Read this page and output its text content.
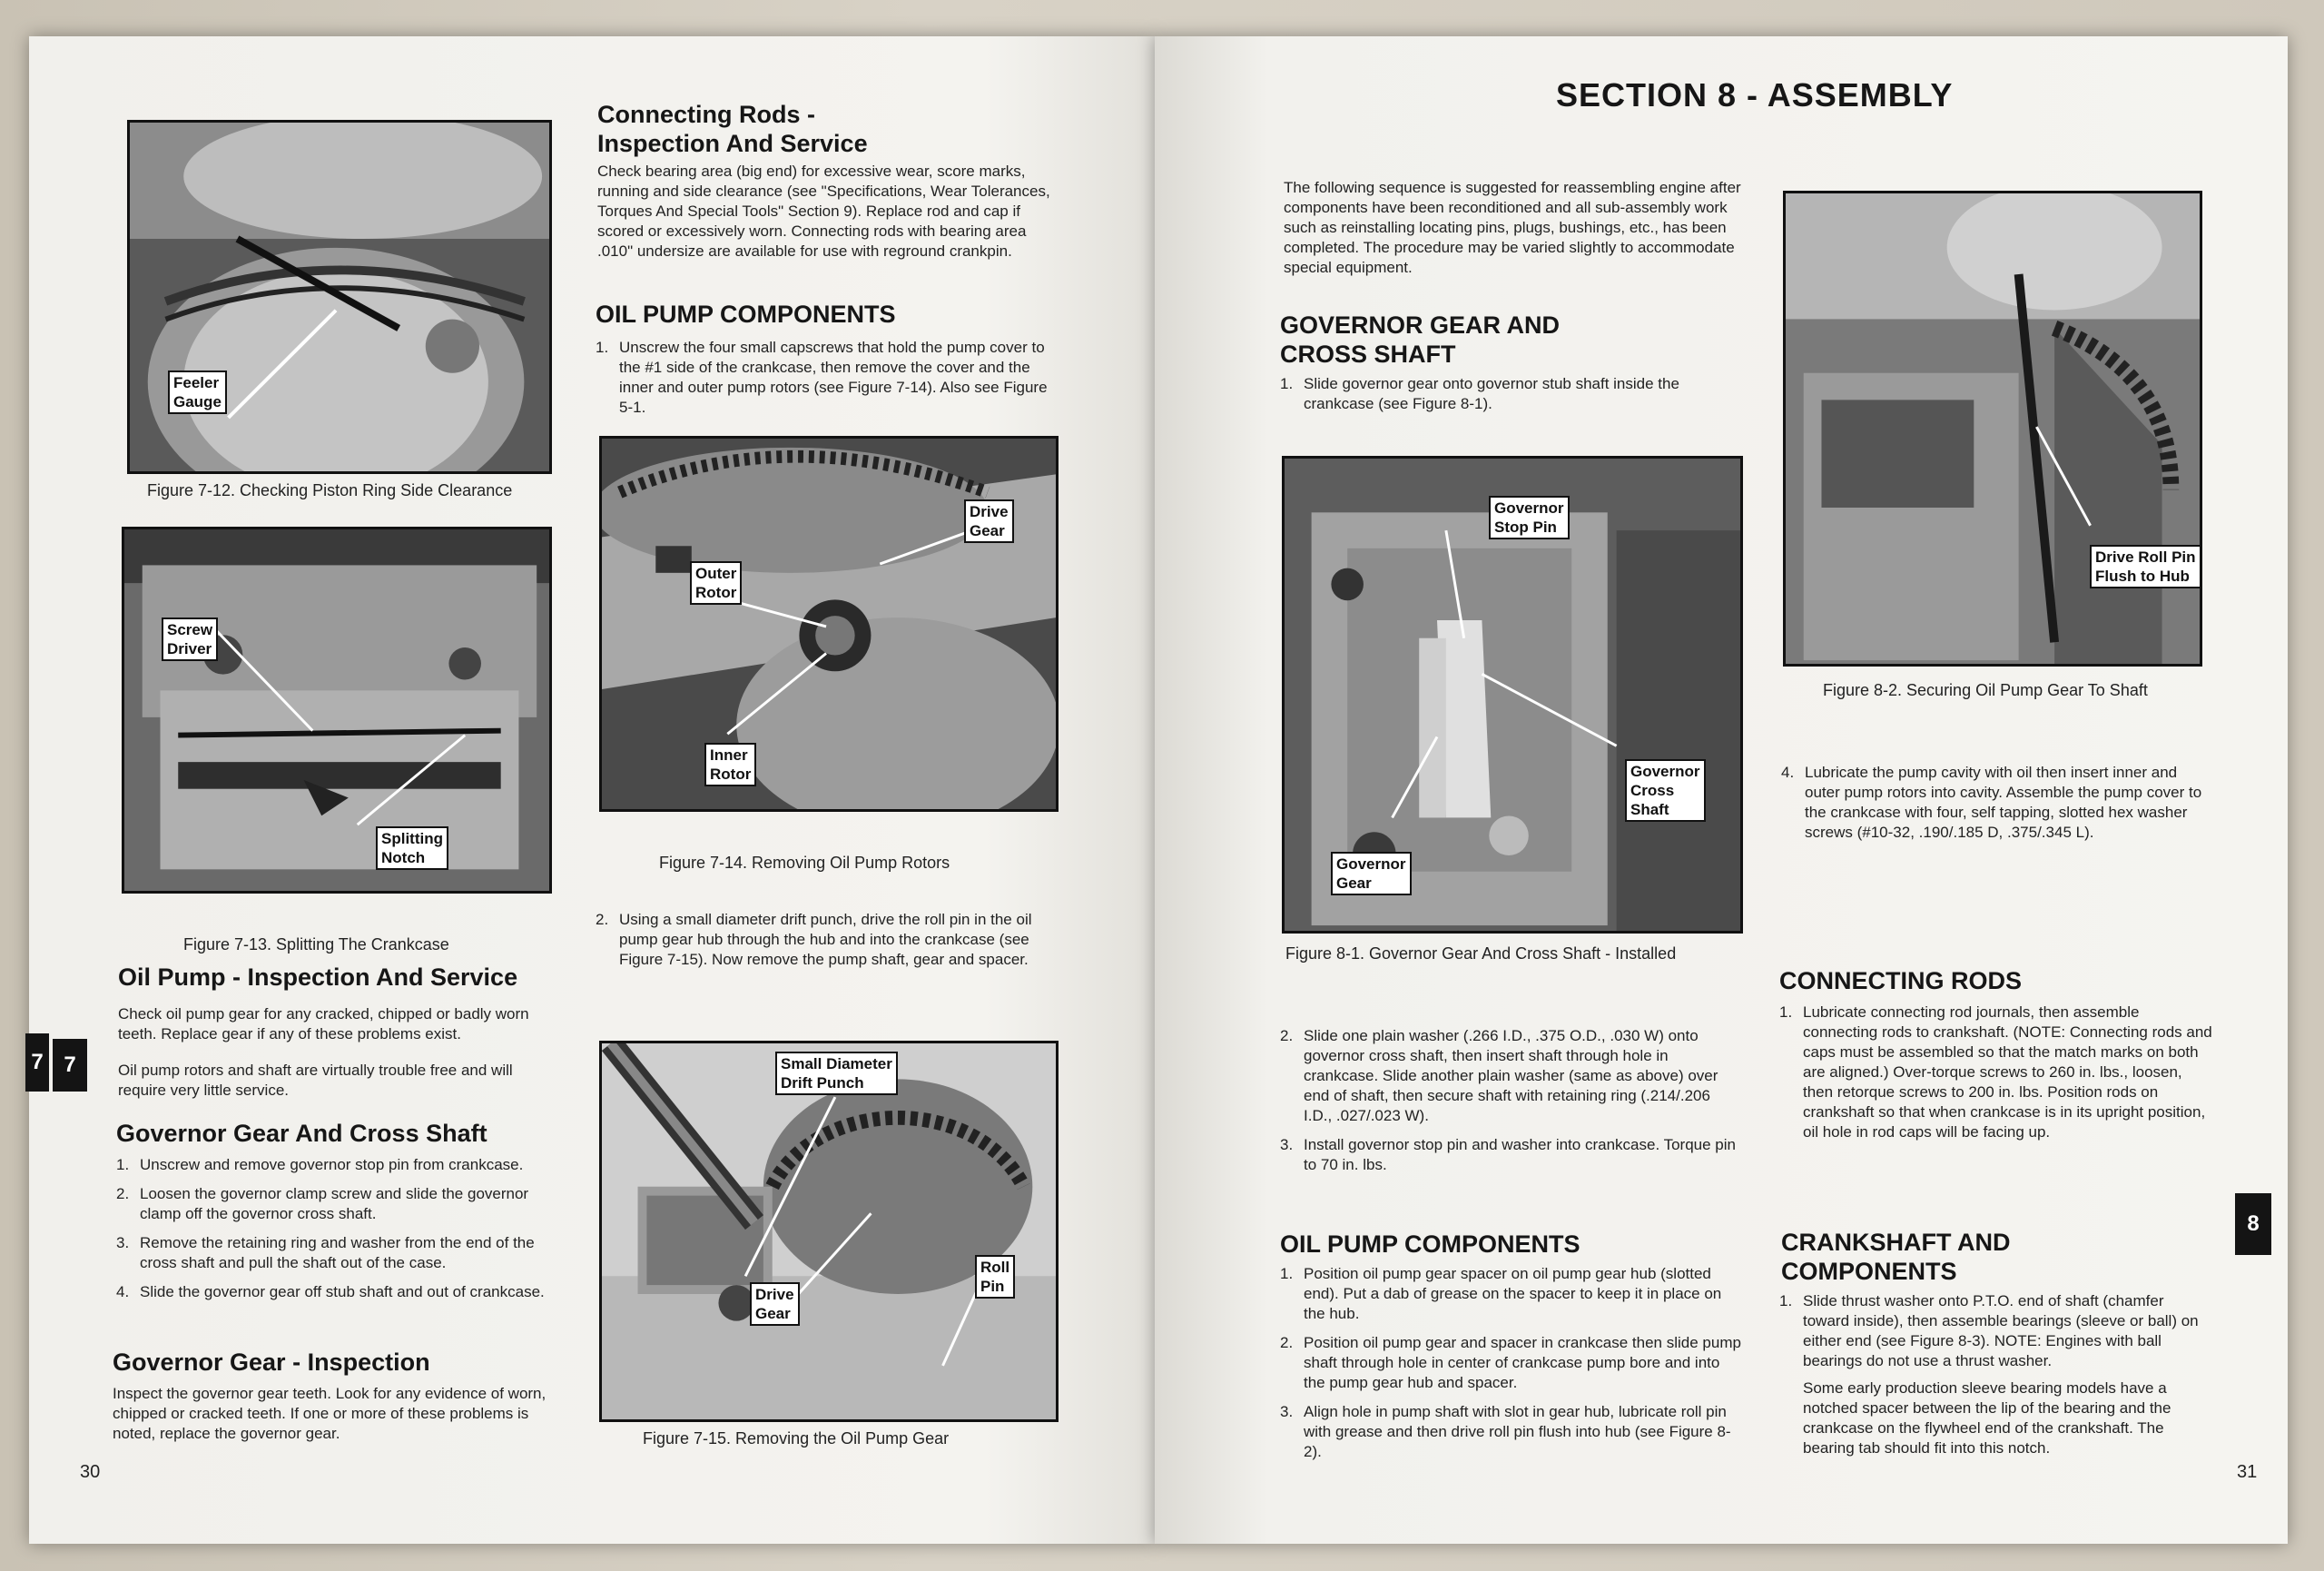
Feeler
Gauge
Figure 7-12. Checking Piston Ring Side Clearance
Screw
Driver
Splitting
Notch
Figure 7-13. Splitting The Crankcase
Oil Pump - Inspection And Service
Check oil pump gear for any cracked, chipped or badly worn teeth. Replace gear if any of these problems exist.
Oil pump rotors and shaft are virtually trouble free and will require very little service.
Governor Gear And Cross Shaft
1. Unscrew and remove governor stop pin from crankcase.
2. Loosen the governor clamp screw and slide the governor clamp off the governor cross shaft.
3. Remove the retaining ring and washer from the end of the cross shaft and pull the shaft out of the case.
4. Slide the governor gear off stub shaft and out of crankcase.
Governor Gear - Inspection
Inspect the governor gear teeth. Look for any evidence of worn, chipped or cracked teeth. If one or more of these problems is noted, replace the governor gear.
30
Connecting Rods -
Inspection And Service
Check bearing area (big end) for excessive wear, score marks, running and side clearance (see "Specifications, Wear Tolerances, Torques And Special Tools" Section 9). Replace rod and cap if scored or excessively worn. Connecting rods with bearing area .010" undersize are available for use with reground crankpin.
OIL PUMP COMPONENTS
1. Unscrew the four small capscrews that hold the pump cover to the #1 side of the crankcase, then remove the cover and the inner and outer pump rotors (see Figure 7-14). Also see Figure 5-1.
Drive
Gear
Outer
Rotor
Inner
Rotor
Figure 7-14. Removing Oil Pump Rotors
2. Using a small diameter drift punch, drive the roll pin in the oil pump gear hub through the hub and into the crankcase (see Figure 7-15). Now remove the pump shaft, gear and spacer.
Small Diameter
Drift Punch
Roll
Pin
Drive
Gear
Figure 7-15. Removing the Oil Pump Gear
7 7
SECTION 8 - ASSEMBLY
The following sequence is suggested for reassembling engine after components have been reconditioned and all sub-assembly work such as reinstalling locating pins, plugs, bushings, etc., has been completed. The procedure may be varied slightly to accommodate special equipment.
GOVERNOR GEAR AND
CROSS SHAFT
1. Slide governor gear onto governor stub shaft inside the crankcase (see Figure 8-1).
Governor
Stop Pin
Governor
Cross
Shaft
Governor
Gear
Figure 8-1. Governor Gear And Cross Shaft - Installed
2. Slide one plain washer (.266 I.D., .375 O.D., .030 W) onto governor cross shaft, then insert shaft through hole in crankcase. Slide another plain washer (same as above) over end of shaft, then secure shaft with retaining ring (.214/.206 I.D., .027/.023 W).
3. Install governor stop pin and washer into crankcase. Torque pin to 70 in. lbs.
OIL PUMP COMPONENTS
1. Position oil pump gear spacer on oil pump gear hub (slotted end). Put a dab of grease on the spacer to keep it in place on the hub.
2. Position oil pump gear and spacer in crankcase then slide pump shaft through hole in center of crankcase pump bore and into the pump gear hub and spacer.
3. Align hole in pump shaft with slot in gear hub, lubricate roll pin with grease and then drive roll pin flush into hub (see Figure 8-2).
Drive Roll Pin
Flush to Hub
Figure 8-2. Securing Oil Pump Gear To Shaft
4. Lubricate the pump cavity with oil then insert inner and outer pump rotors into cavity. Assemble the pump cover to the crankcase with four, self tapping, slotted hex washer screws (#10-32, .190/.185 D, .375/.345 L).
CONNECTING RODS
1. Lubricate connecting rod journals, then assemble connecting rods to crankshaft. (NOTE: Connecting rods and caps must be assembled so that the match marks on both are aligned.) Over-torque screws to 260 in. lbs., loosen, then retorque screws to 200 in. lbs. Position rods on crankshaft so that when crankcase is in its upright position, oil hole in rod caps will be facing up.
CRANKSHAFT AND
COMPONENTS
1. Slide thrust washer onto P.T.O. end of shaft (chamfer toward inside), then assemble bearings (sleeve or ball) on either end (see Figure 8-3). NOTE: Engines with ball bearings do not use a thrust washer.
Some early production sleeve bearing models have a notched spacer between the lip of the bearing and the crankcase on the flywheel end of the crankshaft. The bearing tab should fit into this notch.
8
31
